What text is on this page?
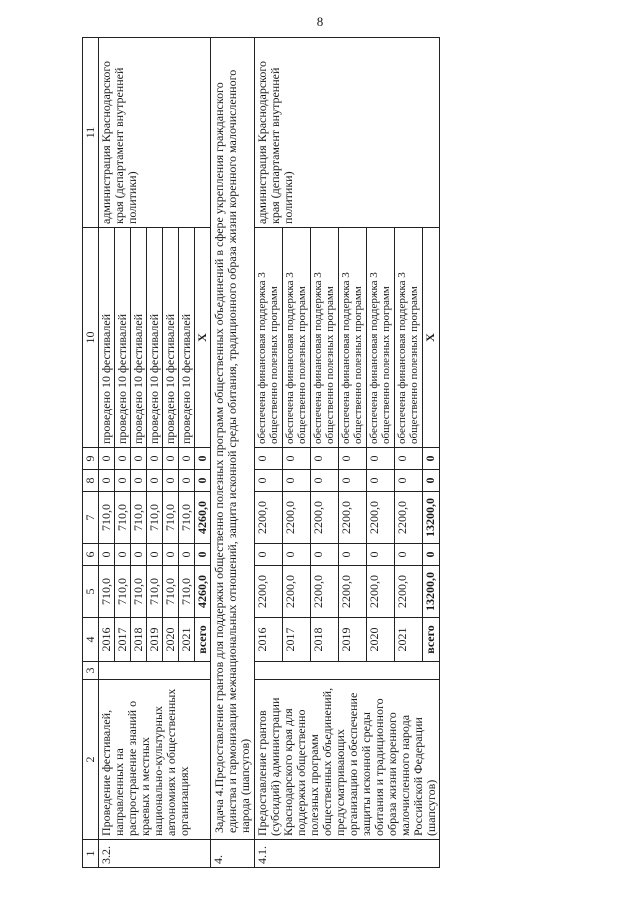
8
1	2	3	4	5	6	7	8	9	10	11
3.2.	Проведение фестивалей, направленных на распространение знаний о краевых и местных национально-культурных автономиях и общественных организациях		2016	710,0	0	710,0	0	0	проведено 10 фестивалей	администрация Краснодарского края (департамент внутренней политики)
			2017	710,0	0	710,0	0	0	проведено 10 фестивалей	
			2018	710,0	0	710,0	0	0	проведено 10 фестивалей	
			2019	710,0	0	710,0	0	0	проведено 10 фестивалей	
			2020	710,0	0	710,0	0	0	проведено 10 фестивалей	
			2021	710,0	0	710,0	0	0	проведено 10 фестивалей	
			всего	4260,0	0	4260,0	0	0	X	
4.	Задача 4.Предоставление грантов для поддержки общественно полезных программ общественных объединений в сфере укрепления гражданского единства и гармонизации межнациональных отношений, защита исконной среды обитания, традиционного образа жизни коренного малочисленного народа (шапсугов)									
4.1.	Предоставление грантов (субсидий) администрации Краснодарского края для поддержки общественно полезных программ общественных объединений, предусматривающих организацию и обеспечение защиты исконной среды обитания и традиционного образа жизни коренного малочисленного народа Российской Федерации (шапсугов)		2016	2200,0	0	2200,0	0	0	обеспечена финансовая поддержка 3 общественно полезных программ	администрация Краснодарского края (департамент внутренней политики)
			2017	2200,0	0	2200,0	0	0	обеспечена финансовая поддержка 3 общественно полезных программ	
			2018	2200,0	0	2200,0	0	0	обеспечена финансовая поддержка 3 общественно полезных программ	
			2019	2200,0	0	2200,0	0	0	обеспечена финансовая поддержка 3 общественно полезных программ	
			2020	2200,0	0	2200,0	0	0	обеспечена финансовая поддержка 3 общественно полезных программ	
			2021	2200,0	0	2200,0	0	0	обеспечена финансовая поддержка 3 общественно полезных программ	
			всего	13200,0	0	13200,0	0	0	X	
